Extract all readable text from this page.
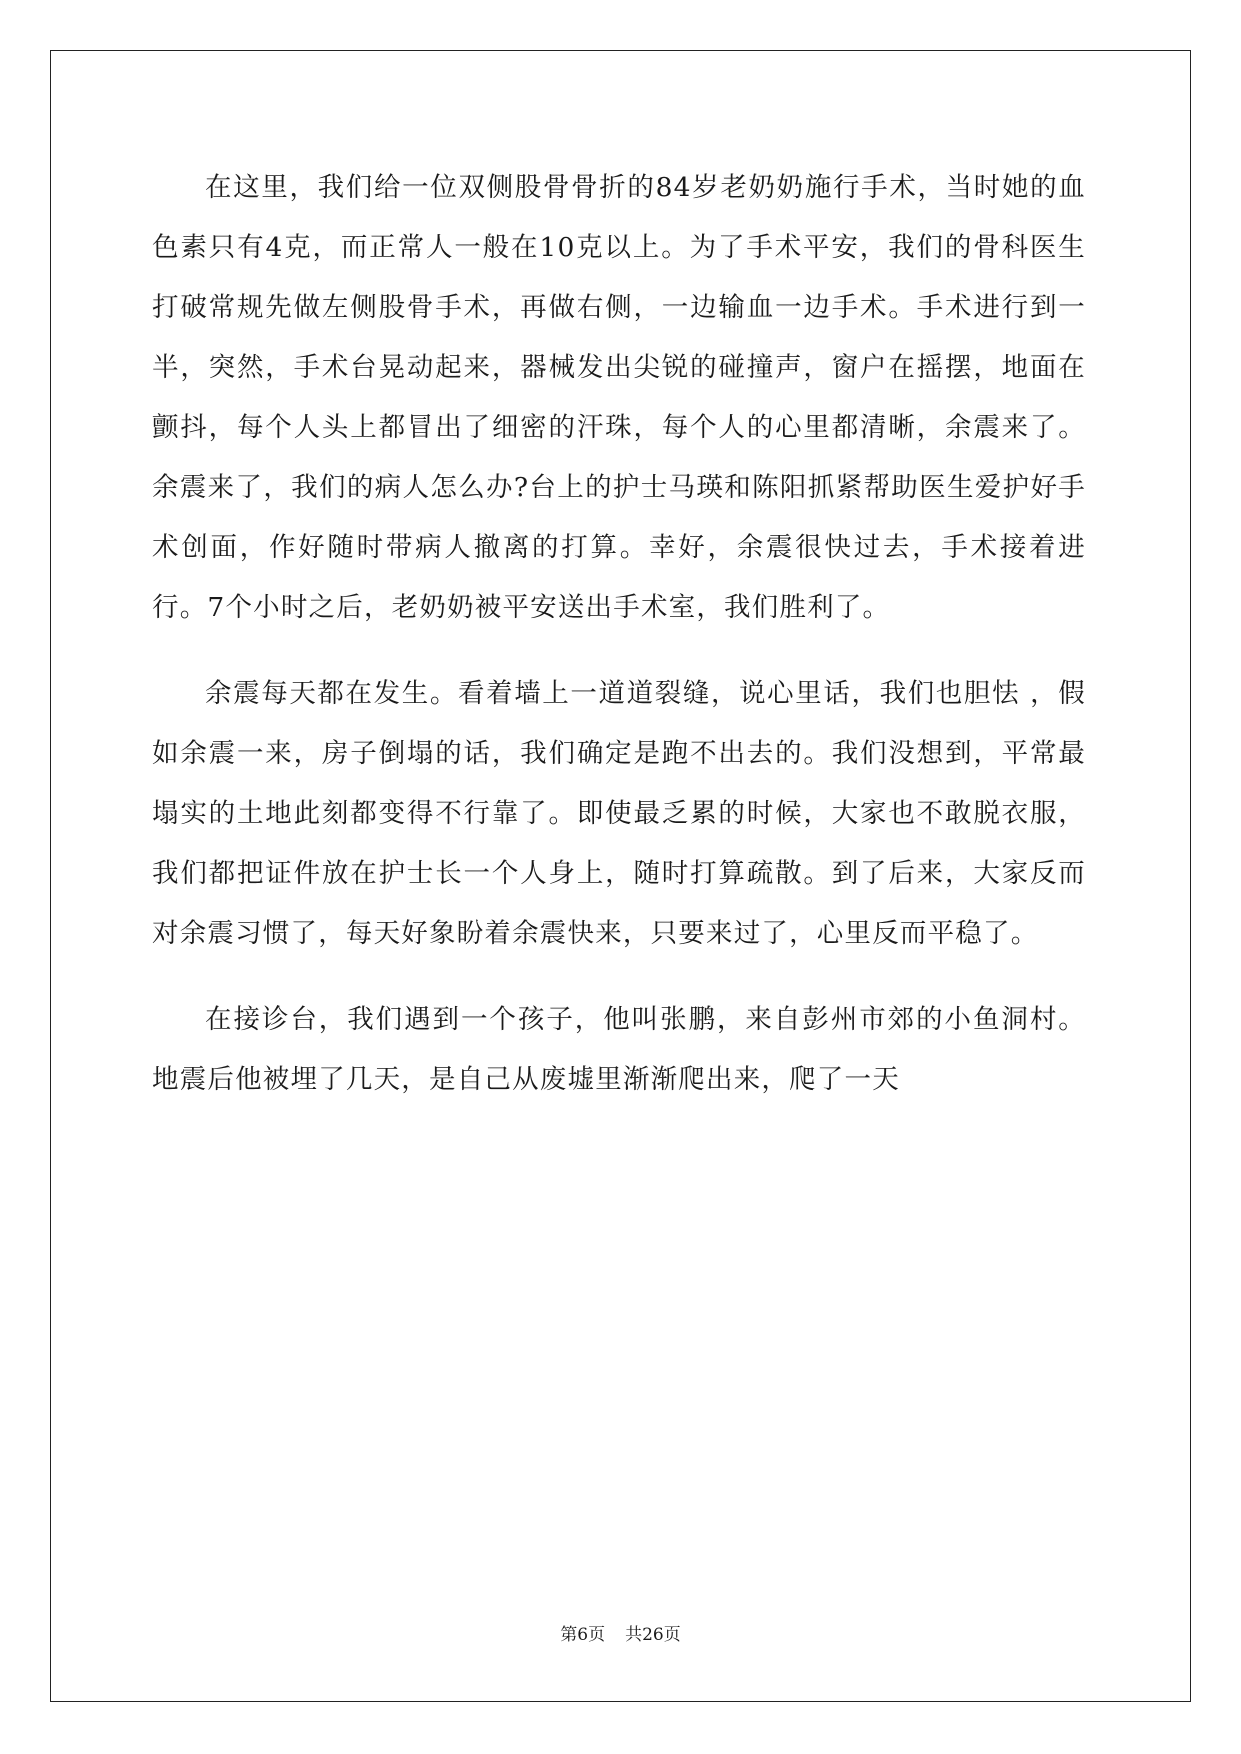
在这里，我们给一位双侧股骨骨折的84岁老奶奶施行手术，当时她的血色素只有4克，而正常人一般在10克以上。为了手术平安，我们的骨科医生打破常规先做左侧股骨手术，再做右侧，一边输血一边手术。手术进行到一半，突然，手术台晃动起来，器械发出尖锐的碰撞声，窗户在摇摆，地面在颤抖，每个人头上都冒出了细密的汗珠，每个人的心里都清晰，余震来了。余震来了，我们的病人怎么办?台上的护士马瑛和陈阳抓紧帮助医生爱护好手术创面，作好随时带病人撤离的打算。幸好，余震很快过去，手术接着进行。7个小时之后，老奶奶被平安送出手术室，我们胜利了。

余震每天都在发生。看着墙上一道道裂缝，说心里话，我们也胆怯 ，假如余震一来，房子倒塌的话，我们确定是跑不出去的。我们没想到，平常最塌实的土地此刻都变得不行靠了。即使最乏累的时候，大家也不敢脱衣服，我们都把证件放在护士长一个人身上，随时打算疏散。到了后来，大家反而对余震习惯了，每天好象盼着余震快来，只要来过了，心里反而平稳了。

在接诊台，我们遇到一个孩子，他叫张鹏，来自彭州市郊的小鱼洞村。地震后他被埋了几天，是自己从废墟里渐渐爬出来，爬了一天

第6页 共26页
